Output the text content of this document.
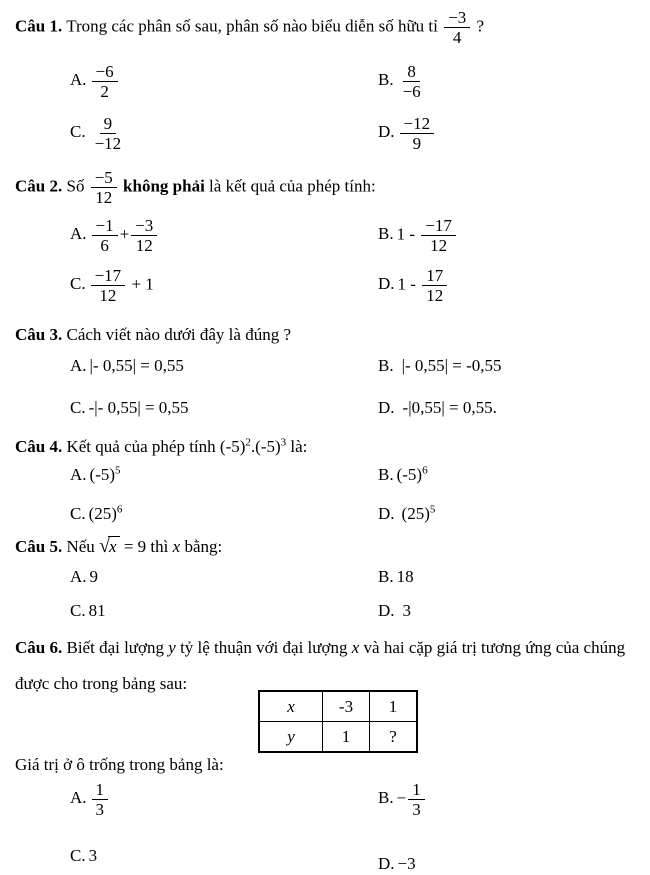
Câu 1. Trong các phân số sau, phân số nào biểu diễn số hữu tỉ $\frac{-3}{4}$ ?
A. $\frac{-6}{2}$	B. $\frac{8}{-6}$
C. $\frac{9}{-12}$	D. $\frac{-12}{9}$
Câu 2. Số $\frac{-5}{12}$ không phải là kết quả của phép tính:
A. $\frac{-1}{6} + \frac{-3}{12}$	B. $1 - \frac{-17}{12}$
C. $\frac{-17}{12} + 1$	D. $1 - \frac{17}{12}$
Câu 3. Cách viết nào dưới đây là đúng ?
A. |- 0,55| = 0,55	B. |- 0,55| = -0,55
C. -|- 0,55| = 0,55	D. -|0,55| = 0,55.
Câu 4. Kết quả của phép tính $(-5)^2.(-5)^3$ là:
A. $(-5)^5$	B. $(-5)^6$
C. $(25)^6$	D. $(25)^5$
Câu 5. Nếu √x = 9 thì x bằng:
A. 9	B. 18
C. 81	D. 3
Câu 6. Biết đại lượng y tỷ lệ thuận với đại lượng x và hai cặp giá trị tương ứng của chúng được cho trong bảng sau:
x	-3	1
y	1	?
Giá trị ở ô trống trong bảng là:
A. $\frac{1}{3}$	B. − $\frac{1}{3}$
C. 3	D. −3
